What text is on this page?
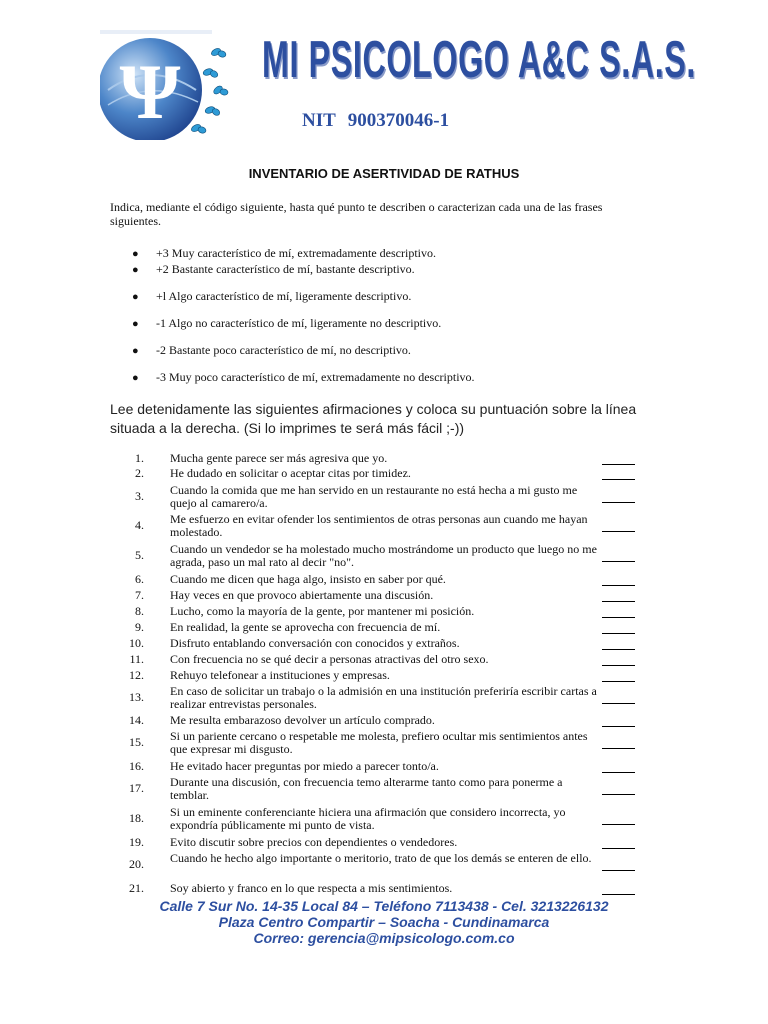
Ψ MI PSICOLOGO A&C S.A.S.
NIT 900370046-1
INVENTARIO DE ASERTIVIDAD DE RATHUS
Indica, mediante el código siguiente, hasta qué punto te describen o caracterizan cada una de las frases siguientes.
● +3 Muy característico de mí, extremadamente descriptivo.
● +2 Bastante característico de mí, bastante descriptivo.
● +l Algo característico de mí, ligeramente descriptivo.
● -1 Algo no característico de mí, ligeramente no descriptivo.
● -2 Bastante poco característico de mí, no descriptivo.
● -3 Muy poco característico de mí, extremadamente no descriptivo.
Lee detenidamente las siguientes afirmaciones y coloca su puntuación sobre la línea situada a la derecha. (Si lo imprimes te será más fácil ;-))
1. Mucha gente parece ser más agresiva que yo.
2. He dudado en solicitar o aceptar citas por timidez.
3. Cuando la comida que me han servido en un restaurante no está hecha a mi gusto me quejo al camarero/a.
4. Me esfuerzo en evitar ofender los sentimientos de otras personas aun cuando me hayan molestado.
5. Cuando un vendedor se ha molestado mucho mostrándome un producto que luego no me agrada, paso un mal rato al decir "no".
6. Cuando me dicen que haga algo, insisto en saber por qué.
7. Hay veces en que provoco abiertamente una discusión.
8. Lucho, como la mayoría de la gente, por mantener mi posición.
9. En realidad, la gente se aprovecha con frecuencia de mí.
10. Disfruto entablando conversación con conocidos y extraños.
11. Con frecuencia no se qué decir a personas atractivas del otro sexo.
12. Rehuyo telefonear a instituciones y empresas.
13. En caso de solicitar un trabajo o la admisión en una institución preferiría escribir cartas a realizar entrevistas personales.
14. Me resulta embarazoso devolver un artículo comprado.
15. Si un pariente cercano o respetable me molesta, prefiero ocultar mis sentimientos antes que expresar mi disgusto.
16. He evitado hacer preguntas por miedo a parecer tonto/a.
17. Durante una discusión, con frecuencia temo alterarme tanto como para ponerme a temblar.
18. Si un eminente conferenciante hiciera una afirmación que considero incorrecta, yo expondría públicamente mi punto de vista.
19. Evito discutir sobre precios con dependientes o vendedores.
20. Cuando he hecho algo importante o meritorio, trato de que los demás se enteren de ello.
21. Soy abierto y franco en lo que respecta a mis sentimientos.
Calle 7 Sur No. 14-35 Local 84 – Teléfono 7113438 - Cel. 3213226132
Plaza Centro Compartir – Soacha - Cundinamarca
Correo: gerencia@mipsicologo.com.co
